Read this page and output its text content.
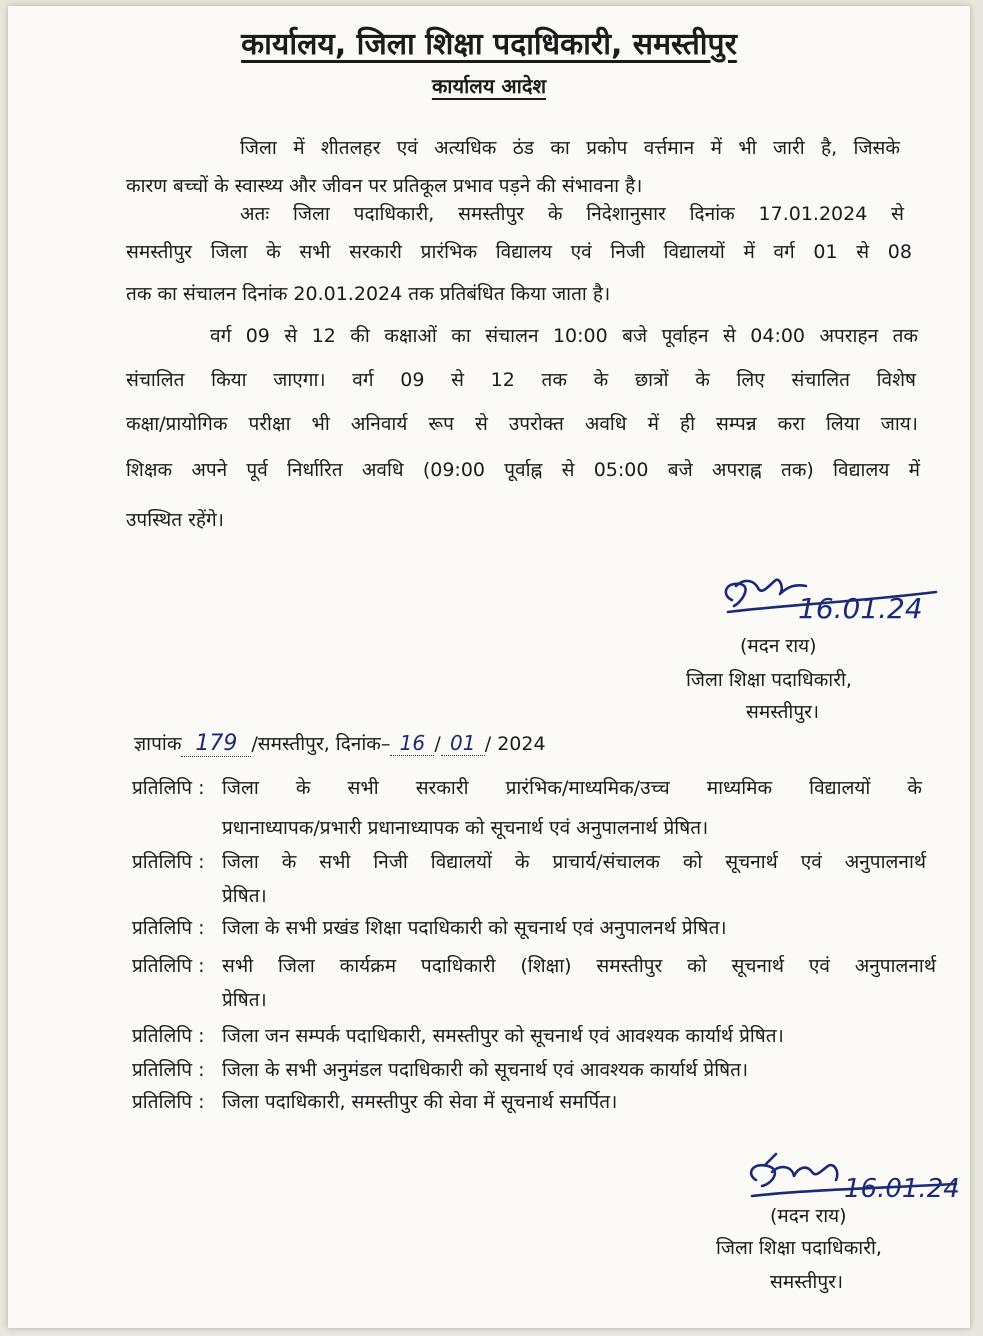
कार्यालय, जिला शिक्षा पदाधिकारी, समस्तीपुर
कार्यालय आदेश
जिला में शीतलहर एवं अत्यधिक ठंड का प्रकोप वर्त्तमान में भी जारी है, जिसके
कारण बच्चों के स्वास्थ्य और जीवन पर प्रतिकूल प्रभाव पड़ने की संभावना है।
अतः जिला पदाधिकारी, समस्तीपुर के निदेशानुसार दिनांक 17.01.2024 से
समस्तीपुर जिला के सभी सरकारी प्रारंभिक विद्यालय एवं निजी विद्यालयों में वर्ग 01 से 08
तक का संचालन दिनांक 20.01.2024 तक प्रतिबंधित किया जाता है।
वर्ग 09 से 12 की कक्षाओं का संचालन 10:00 बजे पूर्वाहन से 04:00 अपराहन तक
संचालित किया जाएगा। वर्ग 09 से 12 तक के छात्रों के लिए संचालित विशेष
कक्षा/प्रायोगिक परीक्षा भी अनिवार्य रूप से उपरोक्त अवधि में ही सम्पन्न करा लिया जाय।
शिक्षक अपने पूर्व निर्धारित अवधि (09:00 पूर्वाह्न से 05:00 बजे अपराह्न तक) विद्यालय में
उपस्थित रहेंगे।
16.01.24
(मदन राय)
जिला शिक्षा पदाधिकारी,
समस्तीपुर।
ज्ञापांक 179 /समस्तीपुर, दिनांक– 16 / 01 / 2024
प्रतिलिपि : जिला के सभी सरकारी प्रारंभिक/माध्यमिक/उच्च माध्यमिक विद्यालयों के
प्रधानाध्यापक/प्रभारी प्रधानाध्यापक को सूचनार्थ एवं अनुपालनार्थ प्रेषित।
प्रतिलिपि : जिला के सभी निजी विद्यालयों के प्राचार्य/संचालक को सूचनार्थ एवं अनुपालनार्थ
प्रेषित।
प्रतिलिपि : जिला के सभी प्रखंड शिक्षा पदाधिकारी को सूचनार्थ एवं अनुपालनर्थ प्रेषित।
प्रतिलिपि : सभी जिला कार्यक्रम पदाधिकारी (शिक्षा) समस्तीपुर को सूचनार्थ एवं अनुपालनार्थ
प्रेषित।
प्रतिलिपि : जिला जन सम्पर्क पदाधिकारी, समस्तीपुर को सूचनार्थ एवं आवश्यक कार्यार्थ प्रेषित।
प्रतिलिपि : जिला के सभी अनुमंडल पदाधिकारी को सूचनार्थ एवं आवश्यक कार्यार्थ प्रेषित।
प्रतिलिपि : जिला पदाधिकारी, समस्तीपुर की सेवा में सूचनार्थ समर्पित।
16.01.24
(मदन राय)
जिला शिक्षा पदाधिकारी,
समस्तीपुर।
